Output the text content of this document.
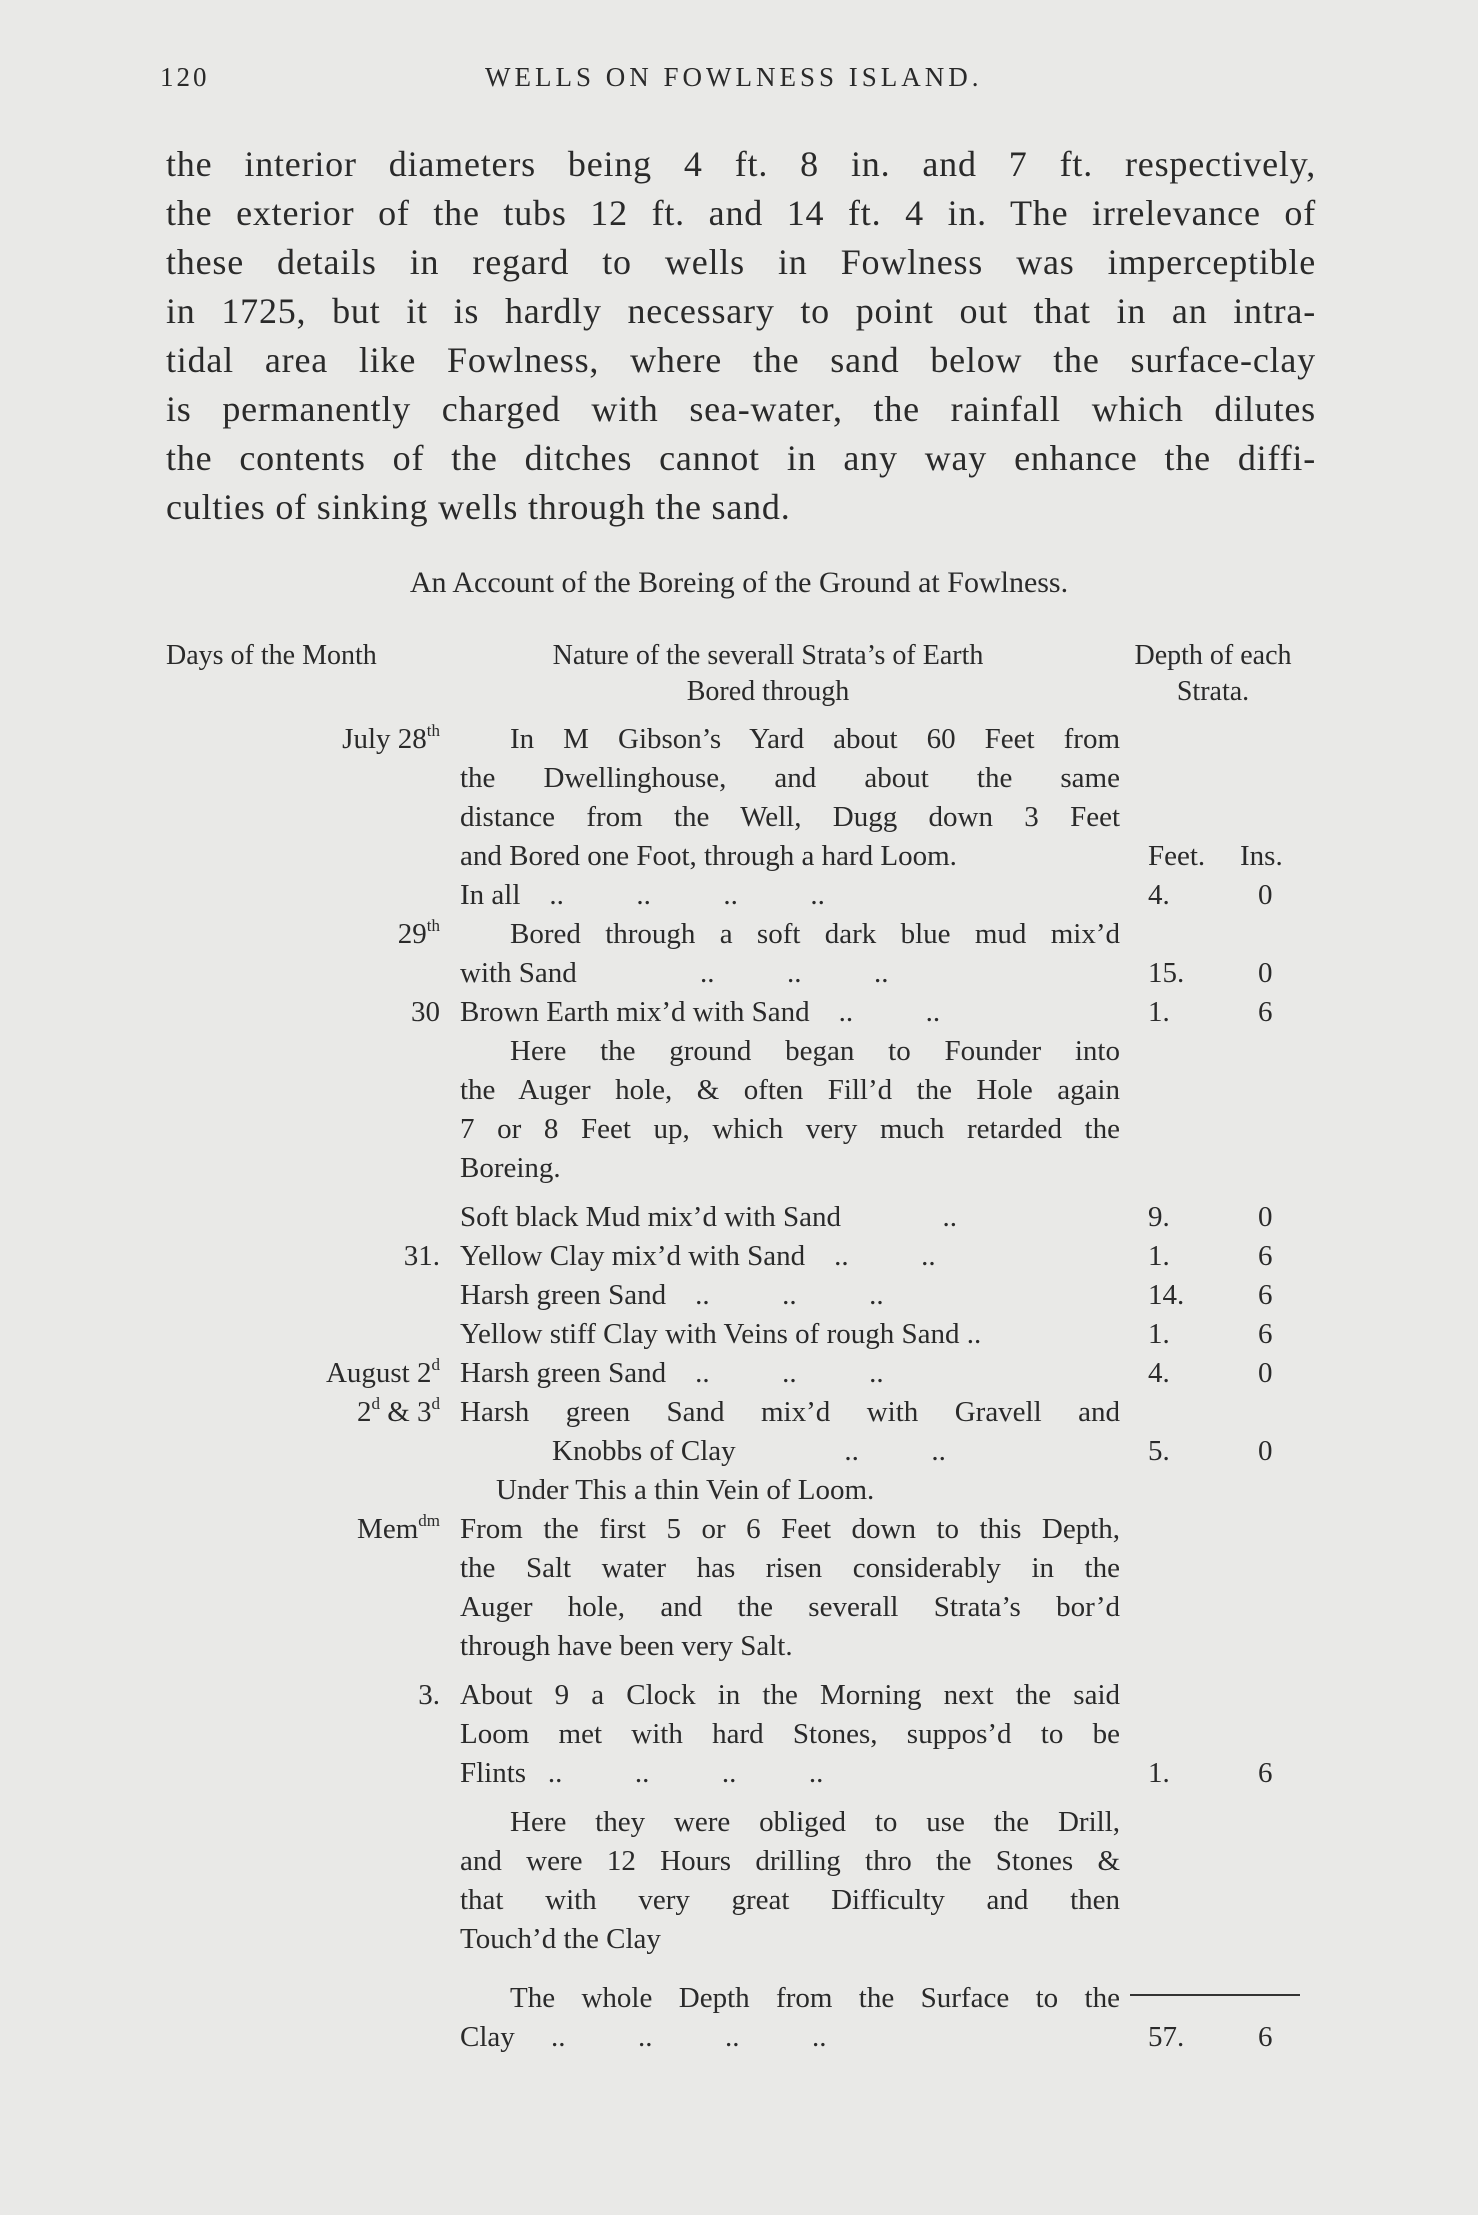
120	WELLS ON FOWLNESS ISLAND.
the interior diameters being 4 ft. 8 in. and 7 ft. respectively,
the exterior of the tubs 12 ft. and 14 ft. 4 in. The irrelevance of
these details in regard to wells in Fowlness was imperceptible
in 1725, but it is hardly necessary to point out that in an intra-
tidal area like Fowlness, where the sand below the surface-clay
is permanently charged with sea-water, the rainfall which dilutes
the contents of the ditches cannot in any way enhance the diffi-
culties of sinking wells through the sand.
An Account of the Boreing of the Ground at Fowlness.
Days of the Month	Nature of the severall Strata’s of Earth
Bored through
Depth of each
Strata.
July 28th	In M Gibson’s Yard about 60 Feet from
the Dwellinghouse, and about the same
distance from the Well, Dugg down 3 Feet
and Bored one Foot, through a hard Loom.	Feet. Ins.
In all    ..          ..          ..          ..	4.	0
29th	Bored through a soft dark blue mud mix’d
with Sand                 ..          ..          ..	15.	0
30 Brown Earth mix’d with Sand    ..          ..	1.	6
Here the ground began to Founder into
the Auger hole, & often Fill’d the Hole again
7 or 8 Feet up, which very much retarded the
Boreing.
Soft black Mud mix’d with Sand              ..	9.	0
31. Yellow Clay mix’d with Sand    ..          ..	1.	6
Harsh green Sand    ..          ..          ..	14.	6
Yellow stiff Clay with Veins of rough Sand ..	1.	6
August 2$^d$ Harsh green Sand    ..          ..          ..	4.	0
2$^d$ & 3$^d$ Harsh green Sand mix’d with Gravell and
Knobbs of Clay               ..          ..	5.	0
Under This a thin Vein of Loom.
Mem$^{dm}$ From the first 5 or 6 Feet down to this Depth,
the Salt water has risen considerably in the
Auger hole, and the severall Strata’s bor’d
through have been very Salt.
3. About 9 a Clock in the Morning next the said
Loom met with hard Stones, suppos’d to be
Flints   ..          ..          ..          ..	1.	6
Here they were obliged to use the Drill,
and were 12 Hours drilling thro the Stones &
that with very great Difficulty and then
Touch’d the Clay
The whole Depth from the Surface to the
Clay     ..          ..          ..          ..	57.	6
